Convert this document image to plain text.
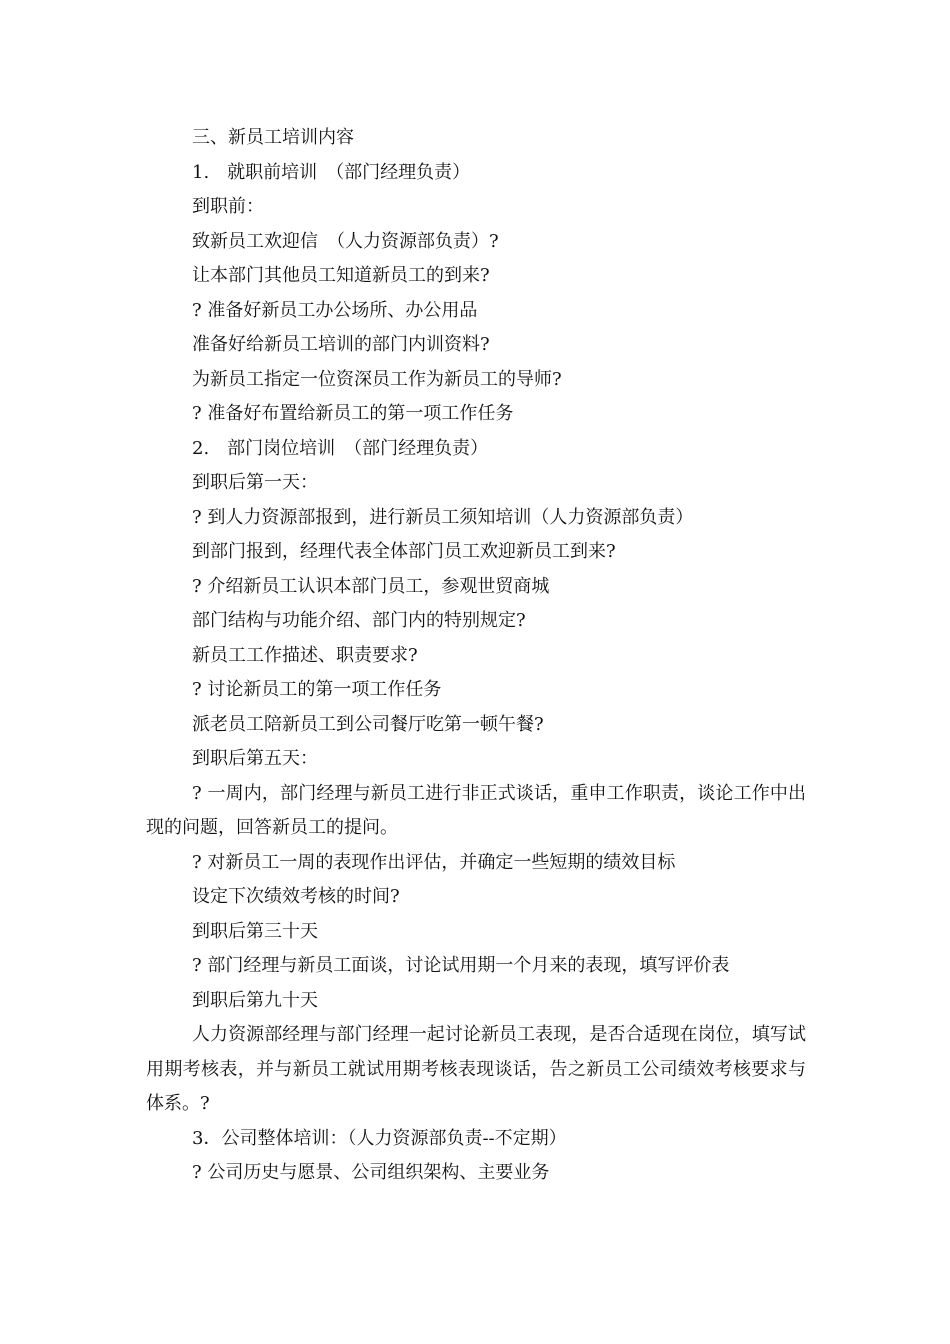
三、新员工培训内容

1.　就职前培训　（部门经理负责）

到职前：

致新员工欢迎信　（人力资源部负责）?

让本部门其他员工知道新员工的到来?

? 准备好新员工办公场所、办公用品

准备好给新员工培训的部门内训资料?

为新员工指定一位资深员工作为新员工的导师?

? 准备好布置给新员工的第一项工作任务

2.　部门岗位培训　（部门经理负责）

到职后第一天：

? 到人力资源部报到，进行新员工须知培训（人力资源部负责）

到部门报到，经理代表全体部门员工欢迎新员工到来?

? 介绍新员工认识本部门员工，参观世贸商城

部门结构与功能介绍、部门内的特别规定?

新员工工作描述、职责要求?

? 讨论新员工的第一项工作任务

派老员工陪新员工到公司餐厅吃第一顿午餐?

到职后第五天：

? 一周内，部门经理与新员工进行非正式谈话，重申工作职责，谈论工作中出现的问题，回答新员工的提问。

? 对新员工一周的表现作出评估，并确定一些短期的绩效目标

设定下次绩效考核的时间?

到职后第三十天

? 部门经理与新员工面谈，讨论试用期一个月来的表现，填写评价表

到职后第九十天

人力资源部经理与部门经理一起讨论新员工表现，是否合适现在岗位，填写试用期考核表，并与新员工就试用期考核表现谈话，告之新员工公司绩效考核要求与体系。?

3．公司整体培训：（人力资源部负责--不定期）

? 公司历史与愿景、公司组织架构、主要业务
